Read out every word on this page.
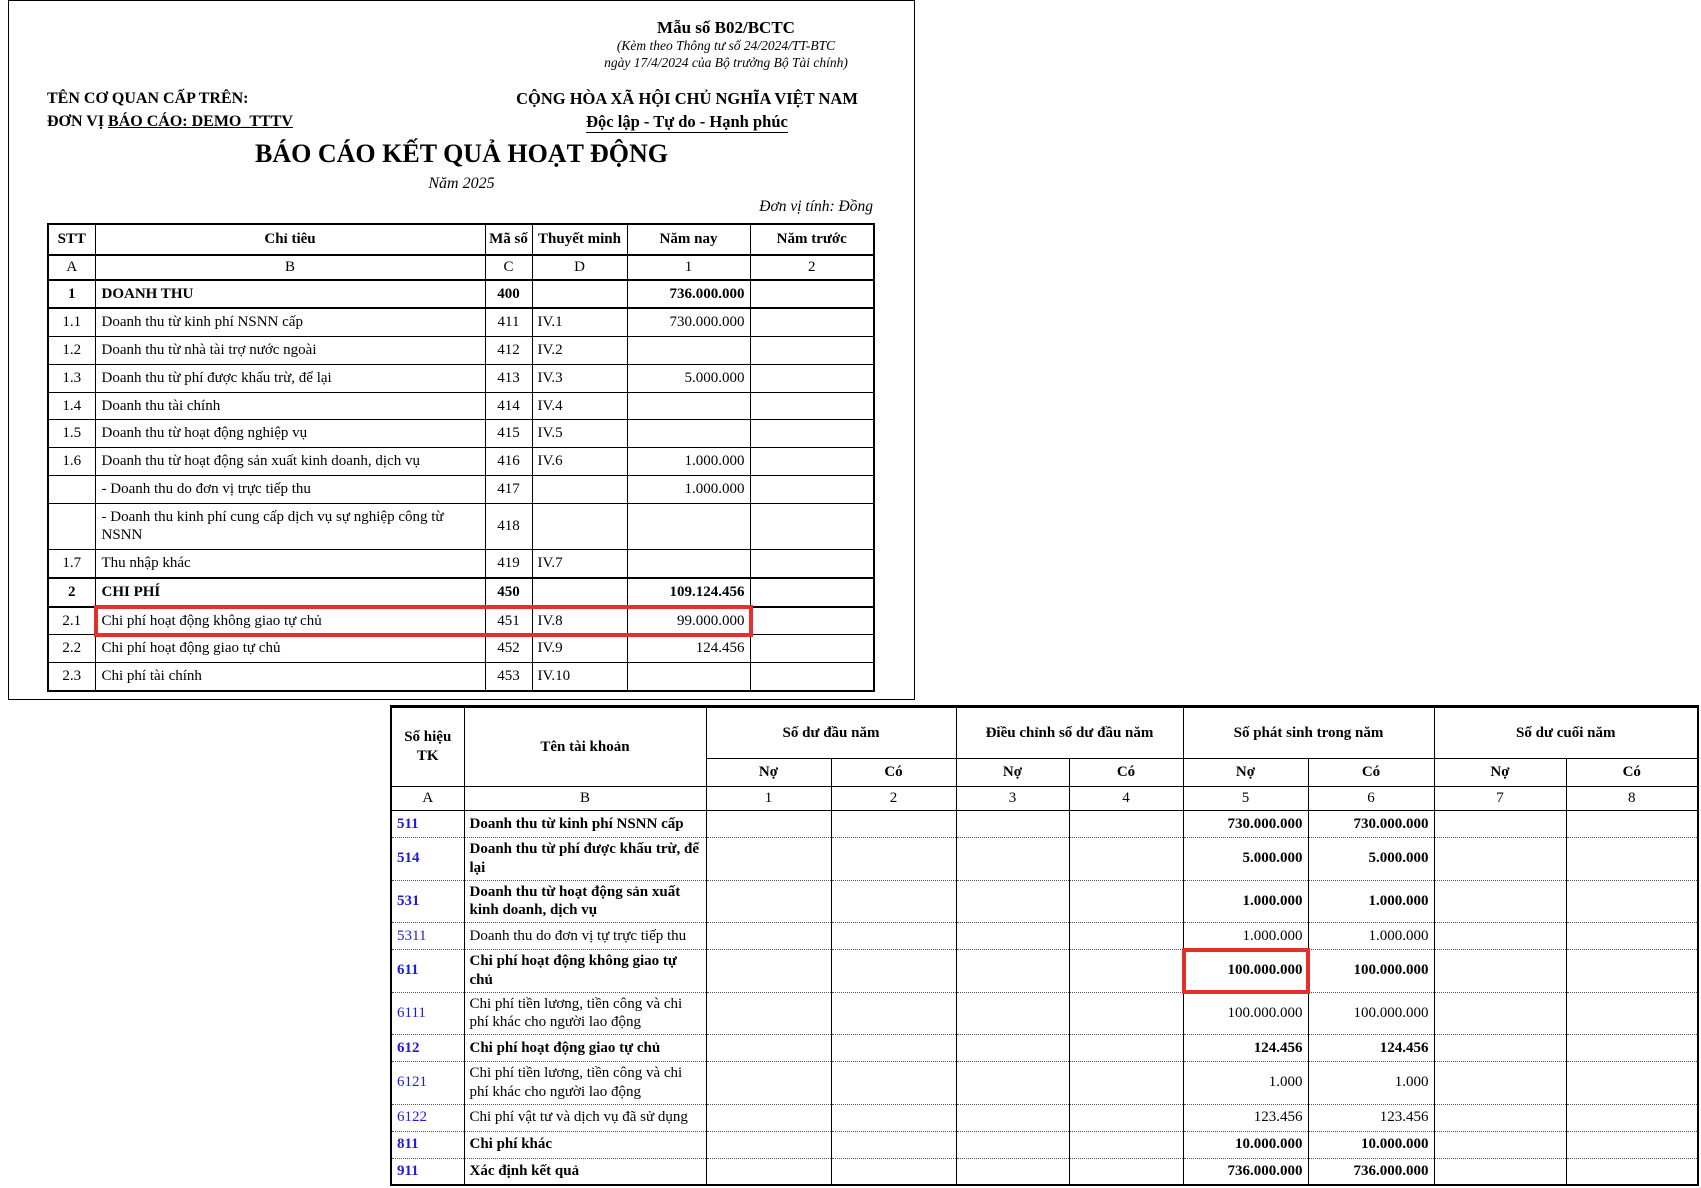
Mẫu số B02/BCTC
(Kèm theo Thông tư số 24/2024/TT-BTC
ngày 17/4/2024 của Bộ trưởng Bộ Tài chính)
TÊN CƠ QUAN CẤP TRÊN:
ĐƠN VỊ BÁO CÁO: DEMO_TTTV
CỘNG HÒA XÃ HỘI CHỦ NGHĨA VIỆT NAM
Độc lập - Tự do - Hạnh phúc
BÁO CÁO KẾT QUẢ HOẠT ĐỘNG
Năm 2025
Đơn vị tính: Đồng
STT	Chỉ tiêu	Mã số	Thuyết minh	Năm nay	Năm trước
A	B	C	D	1	2
1	DOANH THU	400		736.000.000	
1.1	Doanh thu từ kinh phí NSNN cấp	411	IV.1	730.000.000	
1.2	Doanh thu từ nhà tài trợ nước ngoài	412	IV.2		
1.3	Doanh thu từ phí được khấu trừ, để lại	413	IV.3	5.000.000	
1.4	Doanh thu tài chính	414	IV.4		
1.5	Doanh thu từ hoạt động nghiệp vụ	415	IV.5		
1.6	Doanh thu từ hoạt động sản xuất kinh doanh, dịch vụ	416	IV.6	1.000.000	
	- Doanh thu do đơn vị trực tiếp thu	417		1.000.000	
	- Doanh thu kinh phí cung cấp dịch vụ sự nghiệp công từ NSNN	418			
1.7	Thu nhập khác	419	IV.7		
2	CHI PHÍ	450		109.124.456	
2.1	Chi phí hoạt động không giao tự chủ	451	IV.8	99.000.000	
2.2	Chi phí hoạt động giao tự chủ	452	IV.9	124.456	
2.3	Chi phí tài chính	453	IV.10		
Số hiệu TK	Tên tài khoản	Số dư đầu năm		Điều chỉnh số dư đầu năm		Số phát sinh trong năm		Số dư cuối năm	
		Nợ	Có	Nợ	Có	Nợ	Có	Nợ	Có
A	B	1	2	3	4	5	6	7	8
511	Doanh thu từ kinh phí NSNN cấp					730.000.000	730.000.000		
514	Doanh thu từ phí được khấu trừ, để lại					5.000.000	5.000.000		
531	Doanh thu từ hoạt động sản xuất kinh doanh, dịch vụ					1.000.000	1.000.000		
5311	Doanh thu do đơn vị tự trực tiếp thu					1.000.000	1.000.000		
611	Chi phí hoạt động không giao tự chủ					100.000.000	100.000.000		
6111	Chi phí tiền lương, tiền công và chi phí khác cho người lao động					100.000.000	100.000.000		
612	Chi phí hoạt động giao tự chủ					124.456	124.456		
6121	Chi phí tiền lương, tiền công và chi phí khác cho người lao động					1.000	1.000		
6122	Chi phí vật tư và dịch vụ đã sử dụng					123.456	123.456		
811	Chi phí khác					10.000.000	10.000.000		
911	Xác định kết quả					736.000.000	736.000.000		
